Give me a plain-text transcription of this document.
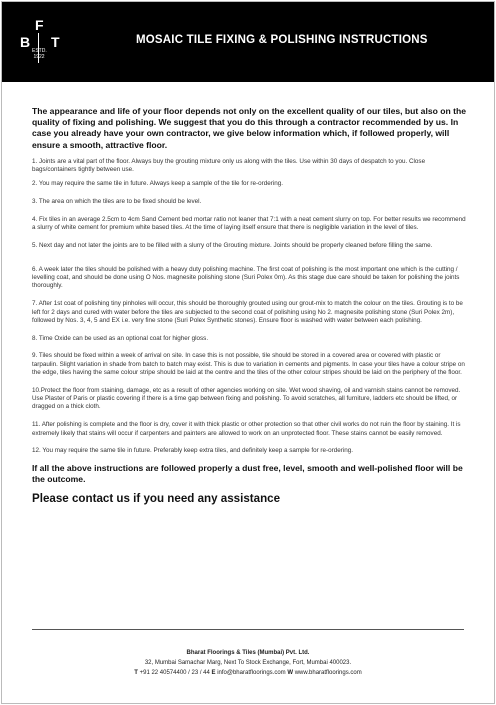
F
B T
ESTD.
1922
MOSAIC TILE FIXING & POLISHING INSTRUCTIONS

The appearance and life of your floor depends not only on the excellent quality of our tiles, but also on the quality of fixing and polishing. We suggest that you do this through a contractor recommended by us. In case you already have your own contractor, we give below information which, if followed properly, will ensure a smooth, attractive floor.

1. Joints are a vital part of the floor. Always buy the grouting mixture only us along with the tiles. Use within 30 days of despatch to you. Close bags/containers tightly between use.

2. You may require the same tile in future. Always keep a sample of the tile for re-ordering.

3. The area on which the tiles are to be fixed should be level.

4. Fix tiles in an average 2.5cm to 4cm Sand Cement bed mortar ratio not leaner that 7:1 with a neat cement slurry on top. For better results we recommend a slurry of white cement for premium white based tiles. At the time of laying itself ensure that there is negligible variation in the level of tiles.

5. Next day and not later the joints are to be filled with a slurry of the Grouting mixture. Joints should be properly cleaned before filling the same.

6. A week later the tiles should be polished with a heavy duty polishing machine. The first coat of polishing is the most important one which is the cutting / levelling coat, and should be done using O Nos. magnesite polishing stone (Suri Polex 0m). As this stage due care should be taken for polishing the joints thoroughly.

7. After 1st coat of polishing tiny pinholes will occur, this should be thoroughly grouted using our grout-mix to match the colour on the tiles. Grouting is to be left for 2 days and cured with water before the tiles are subjected to the second coat of polishing using No 2. magnesite polishing stone (Suri Polex 2m), followed by Nos. 3, 4, 5 and EX i.e. very fine stone (Suri Polex Synthetic stones). Ensure floor is washed with water between each polishing.

8. Time Oxide can be used as an optional coat for higher gloss.

9. Tiles should be fixed within a week of arrival on site. In case this is not possible, tile should be stored in a covered area or covered with plastic or tarpaulin. Slight variation in shade from batch to batch may exist. This is due to variation in cements and pigments. In case your tiles have a colour stripe on the edge, tiles having the same colour stripe should be laid at the centre and the tiles of the other colour stripes should be laid on the periphery of the floor.

10.Protect the floor from staining, damage, etc as a result of other agencies working on site. Wet wood shaving, oil and varnish stains cannot be removed. Use Plaster of Paris or plastic covering if there is a time gap between fixing and polishing. To avoid scratches, all furniture, ladders etc should be lifted, or dragged on a thick cloth.

11. After polishing is complete and the floor is dry, cover it with thick plastic or other protection so that other civil works do not ruin the floor by staining. It is extremely likely that stains will occur if carpenters and painters are allowed to work on an unprotected floor. These stains cannot be easily removed.

12. You may require the same tile in future. Preferably keep extra tiles, and definitely keep a sample for re-ordering.

If all the above instructions are followed properly a dust free, level, smooth and well-polished floor will be the outcome.

Please contact us if you need any assistance

Bharat Floorings & Tiles (Mumbai) Pvt. Ltd.
32, Mumbai Samachar Marg, Next To Stock Exchange, Fort, Mumbai 400023.
T +91 22 40574400 / 23 / 44 E info@bharatfloorings.com W www.bharatfloorings.com
